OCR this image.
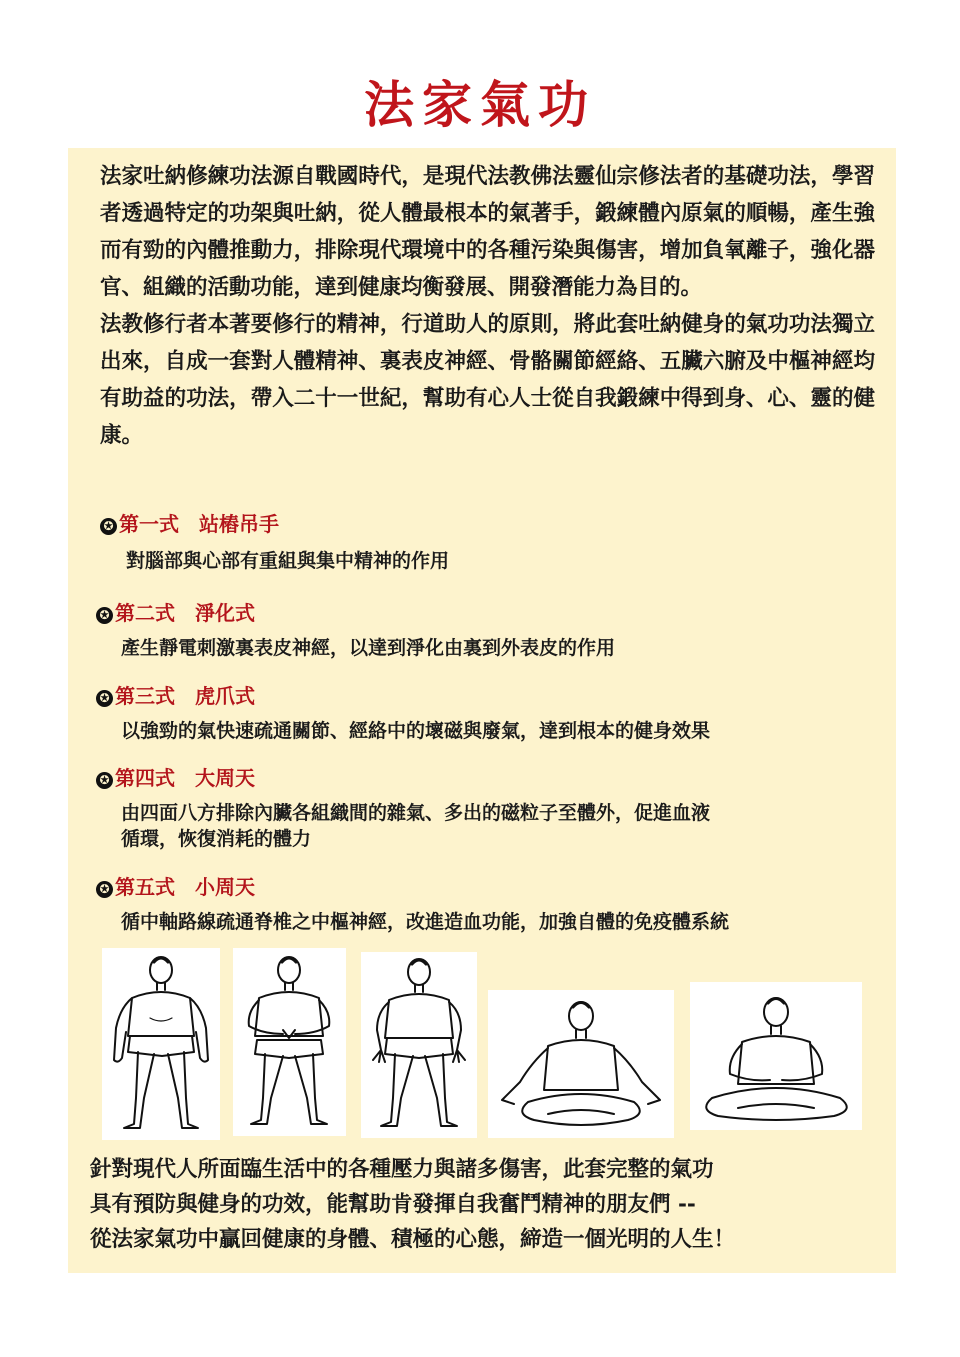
法家氣功

法家吐納修練功法源自戰國時代，是現代法教佛法靈仙宗修法者的基礎功法，學習者透過特定的功架與吐納，從人體最根本的氣著手，鍛練體內原氣的順暢，產生強而有勁的內體推動力，排除現代環境中的各種污染與傷害，增加負氧離子，強化器官、組織的活動功能，達到健康均衡發展、開發潛能力為目的。

法教修行者本著要修行的精神，行道助人的原則，將此套吐納健身的氣功功法獨立出來，自成一套對人體精神、裏表皮神經、骨骼關節經絡、五臟六腑及中樞神經均有助益的功法，帶入二十一世紀，幫助有心人士從自我鍛練中得到身、心、靈的健康。

✪ 第一式 站樁吊手

對腦部與心部有重組與集中精神的作用

✪ 第二式 淨化式

產生靜電刺激裏表皮神經，以達到淨化由裏到外表皮的作用

✪ 第三式 虎爪式

以強勁的氣快速疏通關節、經絡中的壞磁與廢氣，達到根本的健身效果

✪ 第四式 大周天

由四面八方排除內臟各組織間的雜氣、多出的磁粒子至體外，促進血液
循環，恢復消耗的體力

✪ 第五式 小周天

循中軸路線疏通脊椎之中樞神經，改進造血功能，加強自體的免疫體系統

針對現代人所面臨生活中的各種壓力與諸多傷害，此套完整的氣功
具有預防與健身的功效，能幫助肯發揮自我奮鬥精神的朋友們 --
從法家氣功中贏回健康的身體、積極的心態，締造一個光明的人生！
